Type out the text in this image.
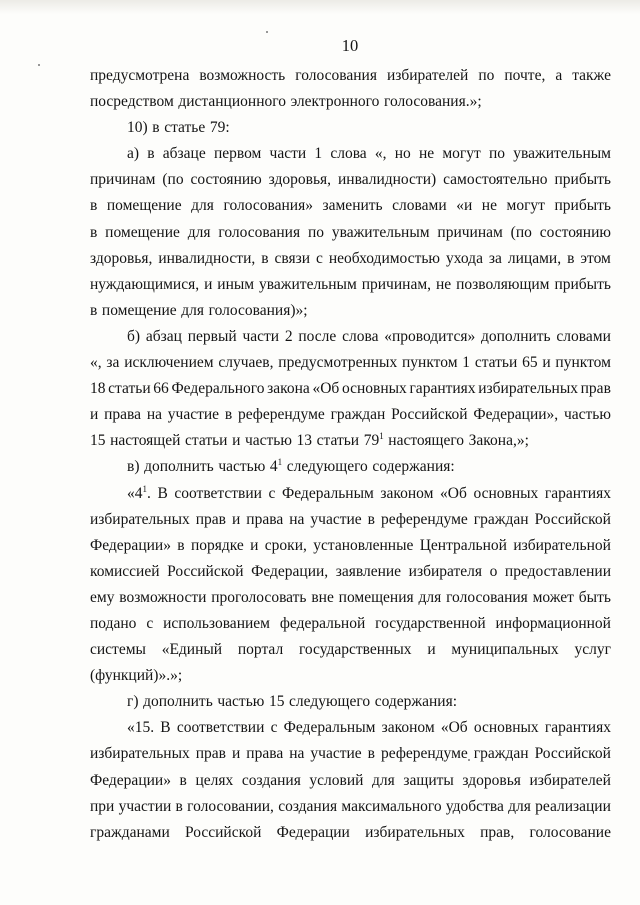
10
предусмотрена возможность голосования избирателей по почте, а также
посредством дистанционного электронного голосования.»;
10) в статье 79:
а) в абзаце первом части 1 слова «, но не могут по уважительным
причинам (по состоянию здоровья, инвалидности) самостоятельно прибыть
в помещение для голосования» заменить словами «и не могут прибыть
в помещение для голосования по уважительным причинам (по состоянию
здоровья, инвалидности, в связи с необходимостью ухода за лицами, в этом
нуждающимися, и иным уважительным причинам, не позволяющим прибыть
в помещение для голосования)»;
б) абзац первый части 2 после слова «проводится» дополнить словами
«, за исключением случаев, предусмотренных пунктом 1 статьи 65 и пунктом
18 статьи 66 Федерального закона «Об основных гарантиях избирательных прав
и права на участие в референдуме граждан Российской Федерации», частью
15 настоящей статьи и частью 13 статьи $79^1$ настоящего Закона,»;
в) дополнить частью $4^1$ следующего содержания:
«$4^1$. В соответствии с Федеральным законом «Об основных гарантиях
избирательных прав и права на участие в референдуме граждан Российской
Федерации» в порядке и сроки, установленные Центральной избирательной
комиссией Российской Федерации, заявление избирателя о предоставлении
ему возможности проголосовать вне помещения для голосования может быть
подано с использованием федеральной государственной информационной
системы «Единый портал государственных и муниципальных услуг
(функций)».»;
г) дополнить частью 15 следующего содержания:
«15. В соответствии с Федеральным законом «Об основных гарантиях
избирательных прав и права на участие в референдуме граждан Российской
Федерации» в целях создания условий для защиты здоровья избирателей
при участии в голосовании, создания максимального удобства для реализации
гражданами Российской Федерации избирательных прав, голосование
